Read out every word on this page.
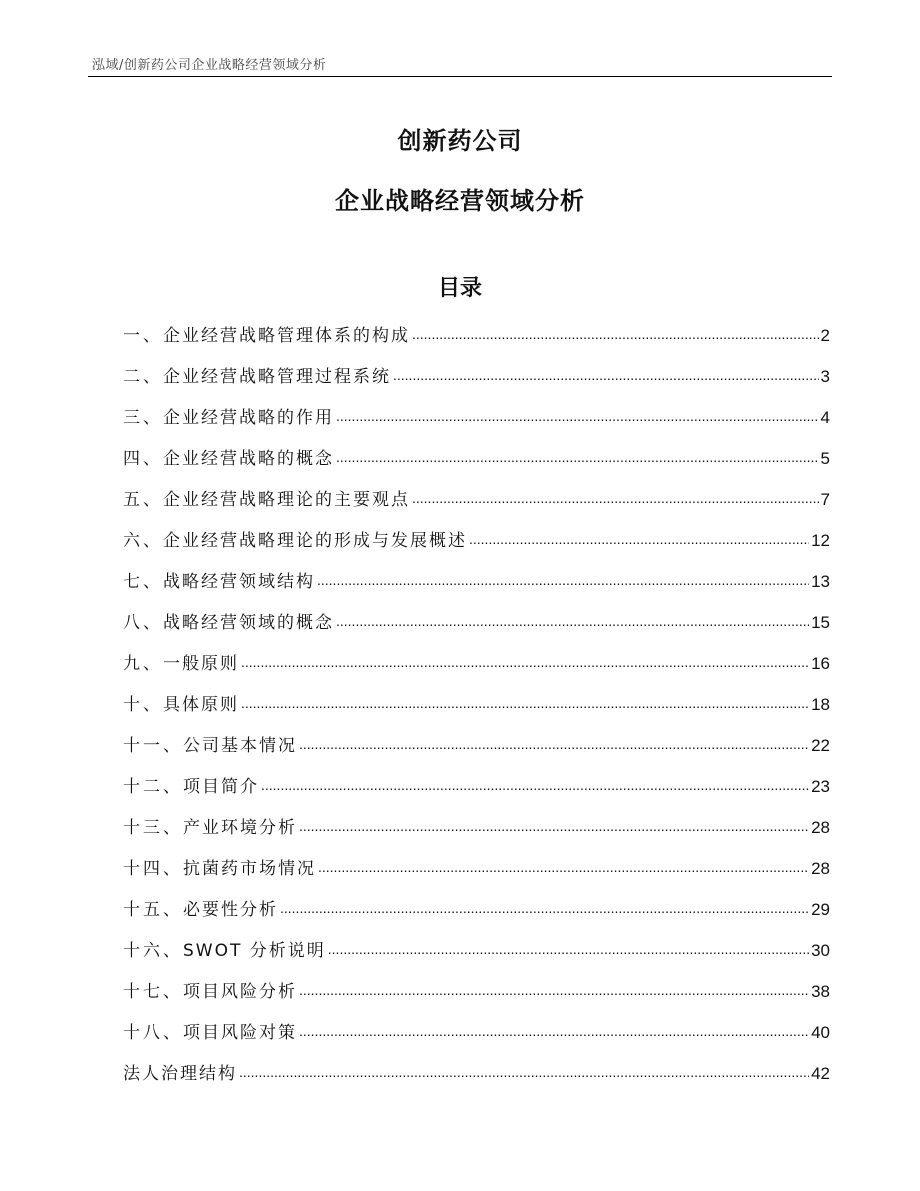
泓域/创新药公司企业战略经营领域分析
创新药公司
企业战略经营领域分析
目录
一、 企业经营战略管理体系的构成 .....	2
二、 企业经营战略管理过程系统 .....	3
三、 企业经营战略的作用 .....	4
四、 企业经营战略的概念 .....	5
五、 企业经营战略理论的主要观点 .....	7
六、 企业经营战略理论的形成与发展概述 .....	12
七、 战略经营领域结构 .....	13
八、 战略经营领域的概念 .....	15
九、 一般原则 .....	16
十、 具体原则 .....	18
十一、 公司基本情况 .....	22
十二、 项目简介 .....	23
十三、 产业环境分析 .....	28
十四、 抗菌药市场情况 .....	28
十五、 必要性分析 .....	29
十六、 SWOT 分析说明 .....	30
十七、 项目风险分析 .....	38
十八、 项目风险对策 .....	40
法人治理结构 .....	42
